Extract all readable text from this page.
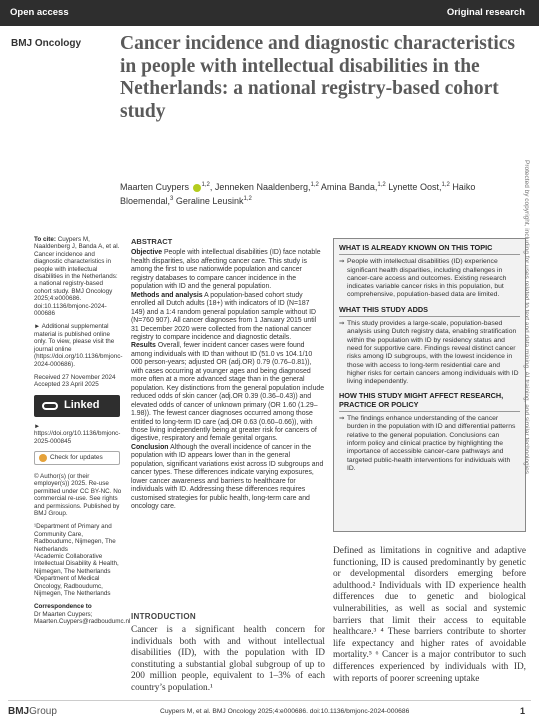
Open access	Original research
BMJ Oncology Cancer incidence and diagnostic characteristics in people with intellectual disabilities in the Netherlands: a national registry-based cohort study
Maarten Cuypers $^{1,2}$, Jenneken Naaldenberg,$^{1,2}$ Amina Banda,$^{1,2}$ Lynette Oost,$^{1,2}$ Haiko Bloemendal,$^3$ Geraline Leusink$^{1,2}$
To cite: Cuypers M, Naaldenberg J, Banda A, et al. Cancer incidence and diagnostic characteristics in people with intellectual disabilities in the Netherlands: a national registry-based cohort study. BMJ Oncology 2025;4:e000686. doi:10.1136/bmjonc-2024-000686
► Additional supplemental material is published online only. To view, please visit the journal online (https://doi.org/10.1136/bmjonc-2024-000686).
Received 27 November 2024
Accepted 23 April 2025
Linked
► https://doi.org/10.1136/bmjonc-2025-000845
Check for updates
© Author(s) (or their employer(s)) 2025. Re-use permitted under CC BY-NC. No commercial re-use. See rights and permissions. Published by BMJ Group.
¹Department of Primary and Community Care, Radboudumc, Nijmegen, The Netherlands
²Academic Collaborative Intellectual Disability & Health, Nijmegen, The Netherlands
³Department of Medical Oncology, Radboudumc, Nijmegen, The Netherlands
Correspondence to
Dr Maarten Cuypers; Maarten.Cuypers@radboudumc.nl
ABSTRACT

Objective People with intellectual disabilities (ID) face notable health disparities, also affecting cancer care. This study is among the first to use nationwide population and cancer registry databases to compare cancer incidence in the population with ID and the general population.

Methods and analysis A population-based cohort study enrolled all Dutch adults (18+) with indicators of ID (N=187 149) and a 1:4 random general population sample without ID (N=760 907). All cancer diagnoses from 1 January 2015 until 31 December 2020 were collected from the national cancer registry to compare incidence and diagnostic details.

Results Overall, fewer incident cancer cases were found among individuals with ID than without ID (51.0 vs 104.1/10 000 person-years; adjusted OR (adj.OR) 0.79 (0.76–0.81)), with cases occurring at younger ages and being diagnosed more often at a more advanced stage than in the general population. Key distinctions from the general population include reduced odds of skin cancer (adj.OR 0.39 (0.36–0.43)) and elevated odds of cancer of unknown primary (OR 1.60 (1.29–1.98)). The fewest cancer diagnoses occurred among those entitled to long-term ID care (adj.OR 0.63 (0.60–0.66)), with those living independently being at greater risk for cancers of digestive, respiratory and female genital organs.

Conclusion Although the overall incidence of cancer in the population with ID appears lower than in the general population, significant variations exist across ID subgroups and cancer types. These differences indicate varying exposures, lower cancer awareness and barriers to healthcare for individuals with ID. Addressing these differences requires customised strategies for public health, long-term care and oncology care.

WHAT IS ALREADY KNOWN ON THIS TOPIC
⇒ People with intellectual disabilities (ID) experience significant health disparities, including challenges in cancer-care access and outcomes. Existing research indicates variable cancer risks in this population, but comprehensive, population-based data are limited.
WHAT THIS STUDY ADDS
⇒ This study provides a large-scale, population-based analysis using Dutch registry data, enabling stratification within the population with ID by residency status and need for supportive care. Findings reveal distinct cancer risks among ID subgroups, with the lowest incidence in those with access to long-term residential care and higher risks for certain cancers among individuals with ID living independently.
HOW THIS STUDY MIGHT AFFECT RESEARCH, PRACTICE OR POLICY
⇒ The findings enhance understanding of the cancer burden in the population with ID and differential patterns relative to the general population. Conclusions can inform policy and clinical practice by highlighting the importance of accessible cancer-care pathways and targeted public-health interventions for individuals with ID.
INTRODUCTION
Cancer is a significant health concern for individuals both with and without intellectual disabilities (ID), with the population with ID constituting a substantial global subgroup of up to 200 million people, equivalent to 1–3% of each country’s population.¹
Defined as limitations in cognitive and adaptive functioning, ID is caused predominantly by genetic or developmental disorders emerging before adulthood.² Individuals with ID experience health differences due to genetic and biological vulnerabilities, as well as social and systemic barriers that limit their access to equitable healthcare.³ ⁴ These barriers contribute to shorter life expectancy and higher rates of avoidable mortality.⁵ ⁶ Cancer is a major contributor to such differences experienced by individuals with ID, with reports of poorer screening uptake
Protected by copyright, including for uses related to text and data mining, AI training, and similar technologies.
BMJGroup	Cuypers M, et al. BMJ Oncology 2025;4:e000686. doi:10.1136/bmjonc-2024-000686	1
